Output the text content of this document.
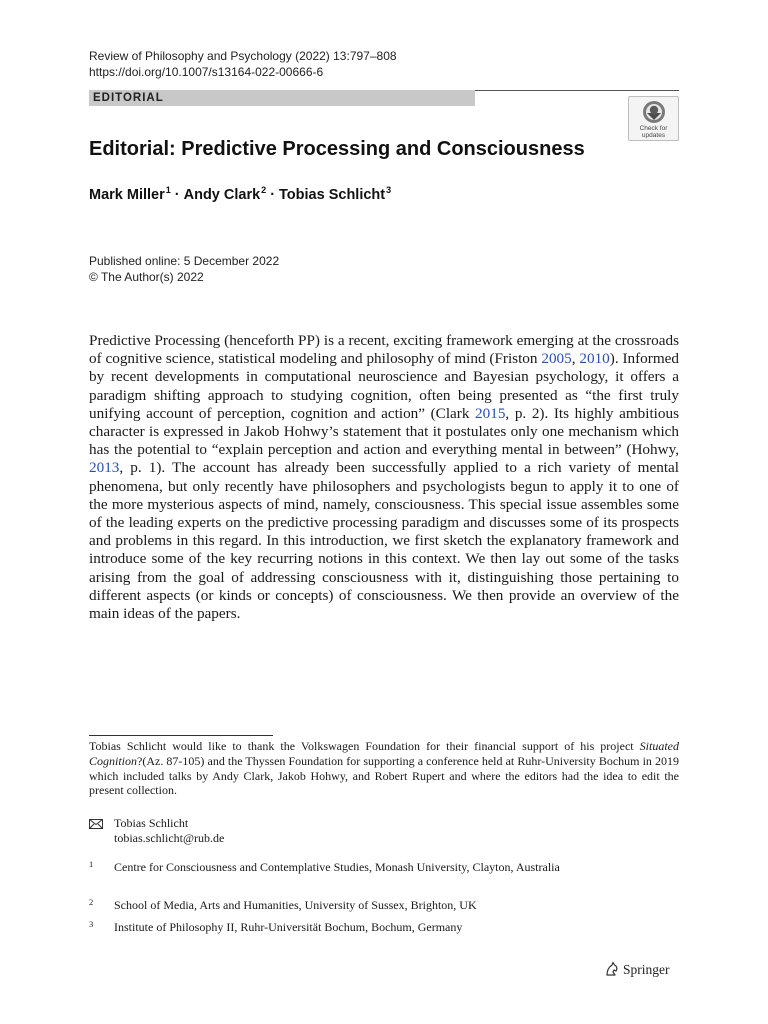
Review of Philosophy and Psychology (2022) 13:797–808
https://doi.org/10.1007/s13164-022-00666-6
EDITORIAL
Check for
updates
Editorial: Predictive Processing and Consciousness
Mark Miller$^1$ · Andy Clark$^2$ · Tobias Schlicht$^3$
Published online: 5 December 2022
© The Author(s) 2022
Predictive Processing (henceforth PP) is a recent, exciting framework emerging at the crossroads of cognitive science, statistical modeling and philosophy of mind (Friston 2005, 2010). Informed by recent developments in computational neuroscience and Bayesian psychology, it offers a paradigm shifting approach to studying cognition, often being presented as “the first truly unifying account of perception, cognition and action” (Clark 2015, p. 2). Its highly ambitious character is expressed in Jakob Hohwy’s statement that it postulates only one mechanism which has the potential to “explain perception and action and everything mental in between” (Hohwy, 2013, p. 1). The account has already been successfully applied to a rich variety of mental phenomena, but only recently have philosophers and psychologists begun to apply it to one of the more mysterious aspects of mind, namely, consciousness. This special issue assembles some of the leading experts on the predictive processing paradigm and discusses some of its prospects and problems in this regard. In this introduction, we first sketch the explanatory framework and introduce some of the key recurring notions in this context. We then lay out some of the tasks arising from the goal of addressing consciousness with it, distinguishing those pertaining to different aspects (or kinds or concepts) of consciousness. We then provide an overview of the main ideas of the papers.
Tobias Schlicht would like to thank the Volkswagen Foundation for their financial support of his project Situated Cognition?(Az. 87-105) and the Thyssen Foundation for supporting a conference held at Ruhr-University Bochum in 2019 which included talks by Andy Clark, Jakob Hohwy, and Robert Rupert and where the editors had the idea to edit the present collection.
Tobias Schlicht
tobias.schlicht@rub.de
1 Centre for Consciousness and Contemplative Studies, Monash University, Clayton, Australia
2 School of Media, Arts and Humanities, University of Sussex, Brighton, UK
3 Institute of Philosophy II, Ruhr-Universität Bochum, Bochum, Germany
Springer
